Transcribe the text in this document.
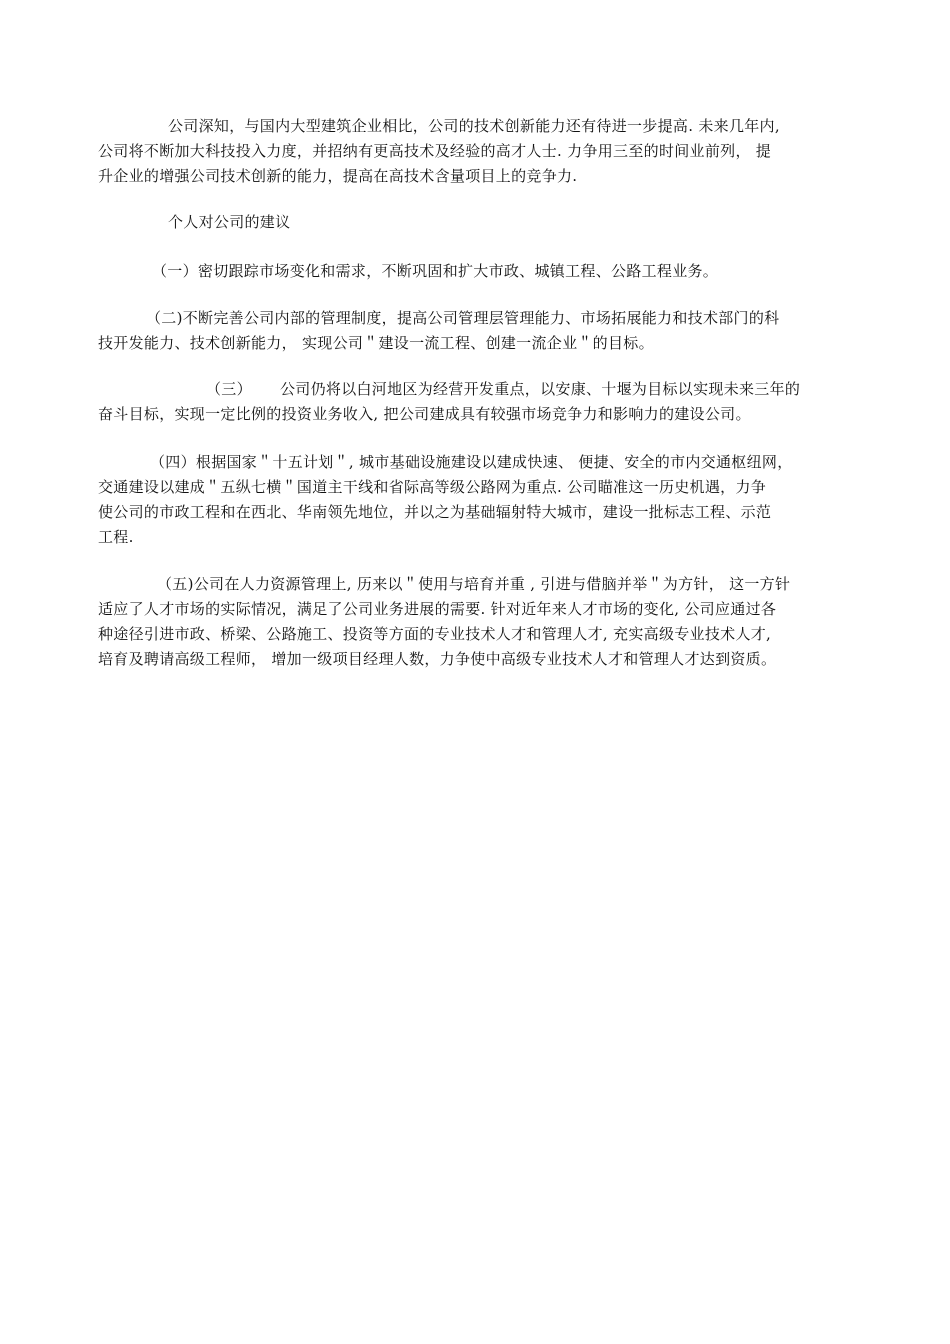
公司深知，与国内大型建筑企业相比，公司的技术创新能力还有待进一步提高. 未来几年内,
公司将不断加大科技投入力度，并招纳有更高技术及经验的高才人士. 力争用三至的时间业前列， 提
升企业的增强公司技术创新的能力，提高在高技术含量项目上的竞争力.
个人对公司的建议
（一）密切跟踪市场变化和需求，不断巩固和扩大市政、城镇工程、公路工程业务。
（二)不断完善公司内部的管理制度，提高公司管理层管理能力、市场拓展能力和技术部门的科
技开发能力、技术创新能力， 实现公司＂建设一流工程、创建一流企业＂的目标。
（三） 公司仍将以白河地区为经营开发重点，以安康、十堰为目标以实现未来三年的
奋斗目标，实现一定比例的投资业务收入, 把公司建成具有较强市场竞争力和影响力的建设公司。
（四）根据国家＂十五计划＂, 城市基础设施建设以建成快速、 便捷、安全的市内交通枢纽网，
交通建设以建成＂五纵七横＂国道主干线和省际高等级公路网为重点. 公司瞄准这一历史机遇，力争
使公司的市政工程和在西北、华南领先地位，并以之为基础辐射特大城市，建设一批标志工程、示范
工程.
（五)公司在人力资源管理上, 历来以＂使用与培育并重 , 引进与借脑并举＂为方针， 这一方针
适应了人才市场的实际情况，满足了公司业务进展的需要. 针对近年来人才市场的变化, 公司应通过各
种途径引进市政、桥梁、公路施工、投资等方面的专业技术人才和管理人才, 充实高级专业技术人才,
培育及聘请高级工程师， 增加一级项目经理人数，力争使中高级专业技术人才和管理人才达到资质。
